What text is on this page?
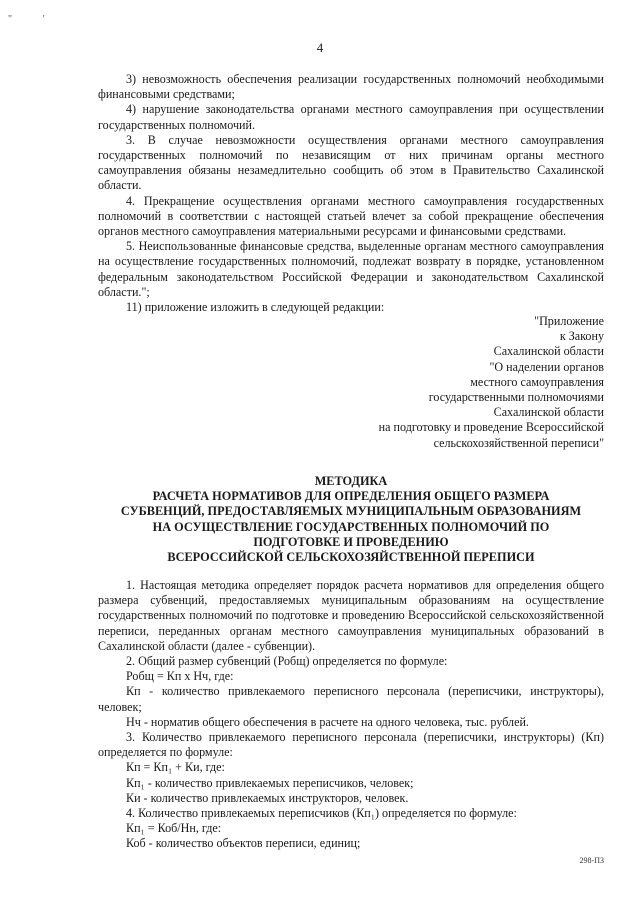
" ʹ
4

3) невозможность обеспечения реализации государственных полномочий необходимыми финансовыми средствами;

4) нарушение законодательства органами местного самоуправления при осуществлении государственных полномочий.

3. В случае невозможности осуществления органами местного самоуправления государственных полномочий по независящим от них причинам органы местного самоуправления обязаны незамедлительно сообщить об этом в Правительство Сахалинской области.

4. Прекращение осуществления органами местного самоуправления государственных полномочий в соответствии с настоящей статьей влечет за собой прекращение обеспечения органов местного самоуправления материальными ресурсами и финансовыми средствами.

5. Неиспользованные финансовые средства, выделенные органам местного самоуправления на осуществление государственных полномочий, подлежат возврату в порядке, установленном федеральным законодательством Российской Федерации и законодательством Сахалинской области.";

11) приложение изложить в следующей редакции:

"Приложение
к Закону
Сахалинской области
"О наделении органов
местного самоуправления
государственными полномочиями
Сахалинской области
на подготовку и проведение Всероссийской
сельскохозяйственной переписи"
МЕТОДИКА
РАСЧЕТА НОРМАТИВОВ ДЛЯ ОПРЕДЕЛЕНИЯ ОБЩЕГО РАЗМЕРА
СУБВЕНЦИЙ, ПРЕДОСТАВЛЯЕМЫХ МУНИЦИПАЛЬНЫМ ОБРАЗОВАНИЯМ
НА ОСУЩЕСТВЛЕНИЕ ГОСУДАРСТВЕННЫХ ПОЛНОМОЧИЙ ПО
ПОДГОТОВКЕ И ПРОВЕДЕНИЮ
ВСЕРОССИЙСКОЙ СЕЛЬСКОХОЗЯЙСТВЕННОЙ ПЕРЕПИСИ

1. Настоящая методика определяет порядок расчета нормативов для определения общего размера субвенций, предоставляемых муниципальным образованиям на осуществление государственных полномочий по подготовке и проведению Всероссийской сельскохозяйственной переписи, переданных органам местного самоуправления муниципальных образований в Сахалинской области (далее - субвенции).

2. Общий размер субвенций (Робщ) определяется по формуле:

Робщ = Кп x Нч, где:

Кп - количество привлекаемого переписного персонала (переписчики, инструкторы), человек;

Нч - норматив общего обеспечения в расчете на одного человека, тыс. рублей.

3. Количество привлекаемого переписного персонала (переписчики, инструкторы) (Кп) определяется по формуле:

Кп = Кп₁ + Ки, где:

Кп₁ - количество привлекаемых переписчиков, человек;

Ки - количество привлекаемых инструкторов, человек.

4. Количество привлекаемых переписчиков (Кп₁) определяется по формуле:

Кп₁ = Коб/Нн, где:

Коб - количество объектов переписи, единиц;

298-ПЗ
